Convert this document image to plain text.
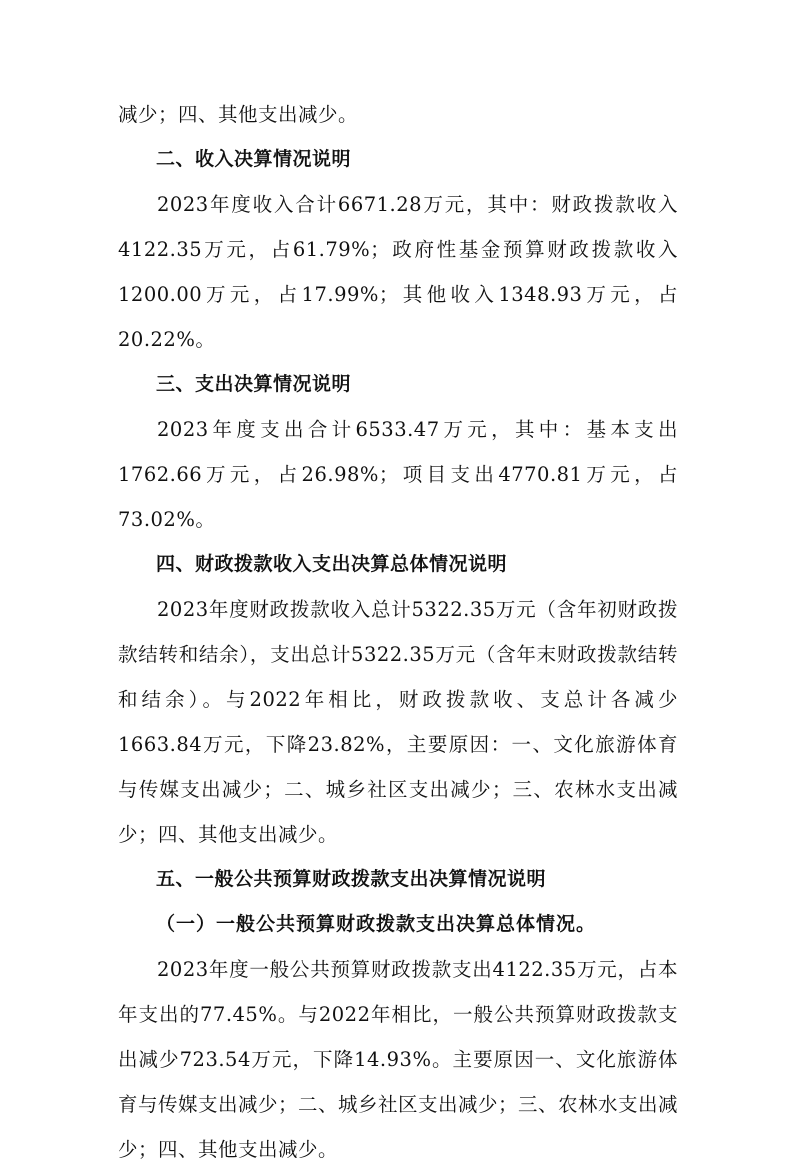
减少；四、其他支出减少。

二、收入决算情况说明

2023年度收入合计6671.28万元，其中：财政拨款收入4122.35万元，占61.79%；政府性基金预算财政拨款收入1200.00万元，占17.99%；其他收入1348.93万元，占20.22%。

三、支出决算情况说明

2023年度支出合计6533.47万元，其中：基本支出1762.66万元，占26.98%；项目支出4770.81万元，占73.02%。

四、财政拨款收入支出决算总体情况说明

2023年度财政拨款收入总计5322.35万元（含年初财政拨款结转和结余），支出总计5322.35万元（含年末财政拨款结转和结余）。与2022年相比，财政拨款收、支总计各减少1663.84万元，下降23.82%，主要原因：一、文化旅游体育与传媒支出减少；二、城乡社区支出减少；三、农林水支出减少；四、其他支出减少。

五、一般公共预算财政拨款支出决算情况说明

（一）一般公共预算财政拨款支出决算总体情况。

2023年度一般公共预算财政拨款支出4122.35万元，占本年支出的77.45%。与2022年相比，一般公共预算财政拨款支出减少723.54万元，下降14.93%。主要原因一、文化旅游体育与传媒支出减少；二、城乡社区支出减少；三、农林水支出减少；四、其他支出减少。
